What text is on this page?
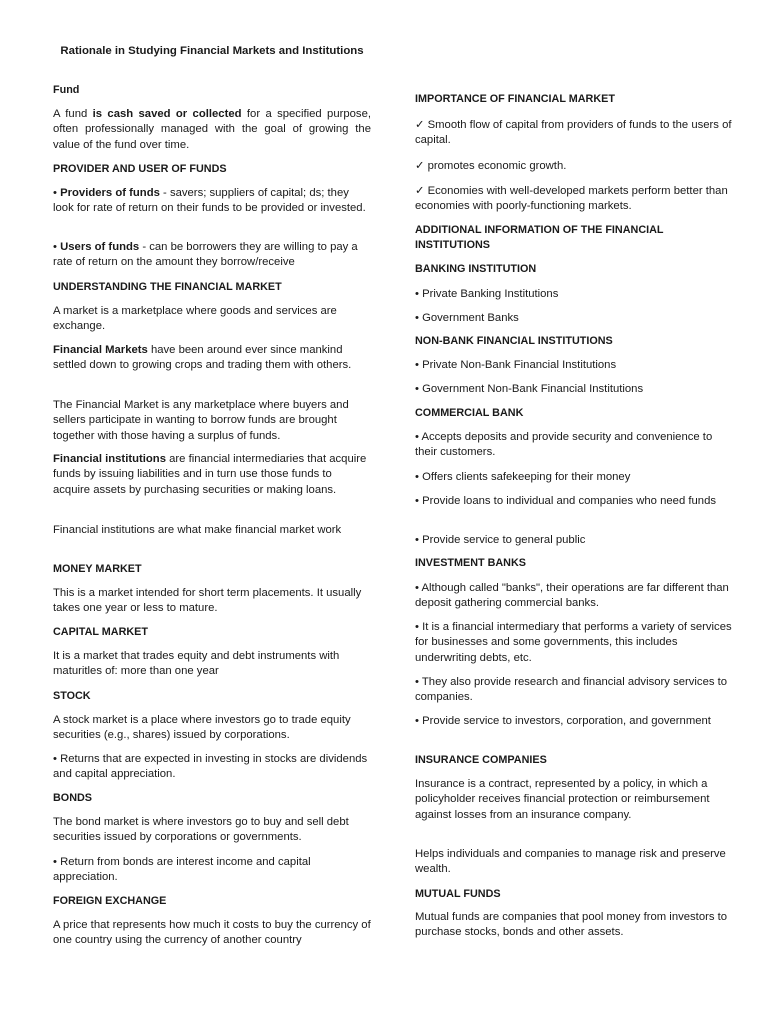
Rationale in Studying Financial Markets and Institutions
Fund
A fund is cash saved or collected for a specified purpose, often professionally managed with the goal of growing the value of the fund over time.
PROVIDER AND USER OF FUNDS
• Providers of funds - savers; suppliers of capital; ds; they look for rate of return on their funds to be provided or invested.
• Users of funds - can be borrowers they are willing to pay a rate of return on the amount they borrow/receive
UNDERSTANDING THE FINANCIAL MARKET
A market is a marketplace where goods and services are exchange.
Financial Markets have been around ever since mankind settled down to growing crops and trading them with others.
The Financial Market is any marketplace where buyers and sellers participate in wanting to borrow funds are brought together with those having a surplus of funds.
Financial institutions are financial intermediaries that acquire funds by issuing liabilities and in turn use those funds to acquire assets by purchasing securities or making loans.
Financial institutions are what make financial market work
MONEY MARKET
This is a market intended for short term placements. It usually takes one year or less to mature.
CAPITAL MARKET
It is a market that trades equity and debt instruments with maturitles of: more than one year
STOCK
A stock market is a place where investors go to trade equity securities (e.g., shares) issued by corporations.
• Returns that are expected in investing in stocks are dividends and capital appreciation.
BONDS
The bond market is where investors go to buy and sell debt securities issued by corporations or governments.
• Return from bonds are interest income and capital appreciation.
FOREIGN EXCHANGE
A price that represents how much it costs to buy the currency of one country using the currency of another country
IMPORTANCE OF FINANCIAL MARKET
✓ Smooth flow of capital from providers of funds to the users of capital.
✓ promotes economic growth.
✓ Economies with well-developed markets perform better than economies with poorly-functioning markets.
ADDITIONAL INFORMATION OF THE FINANCIAL INSTITUTIONS
BANKING INSTITUTION
• Private Banking Institutions
• Government Banks
NON-BANK FINANCIAL INSTITUTIONS
• Private Non-Bank Financial Institutions
• Government Non-Bank Financial Institutions
COMMERCIAL BANK
• Accepts deposits and provide security and convenience to their customers.
• Offers clients safekeeping for their money
• Provide loans to individual and companies who need funds
• Provide service to general public
INVESTMENT BANKS
• Although called "banks", their operations are far different than deposit gathering commercial banks.
• It is a financial intermediary that performs a variety of services for businesses and some governments, this includes underwriting debts, etc.
• They also provide research and financial advisory services to companies.
• Provide service to investors, corporation, and government
INSURANCE COMPANIES
Insurance is a contract, represented by a policy, in which a policyholder receives financial protection or reimbursement against losses from an insurance company.
Helps individuals and companies to manage risk and preserve wealth.
MUTUAL FUNDS
Mutual funds are companies that pool money from investors to purchase stocks, bonds and other assets.
